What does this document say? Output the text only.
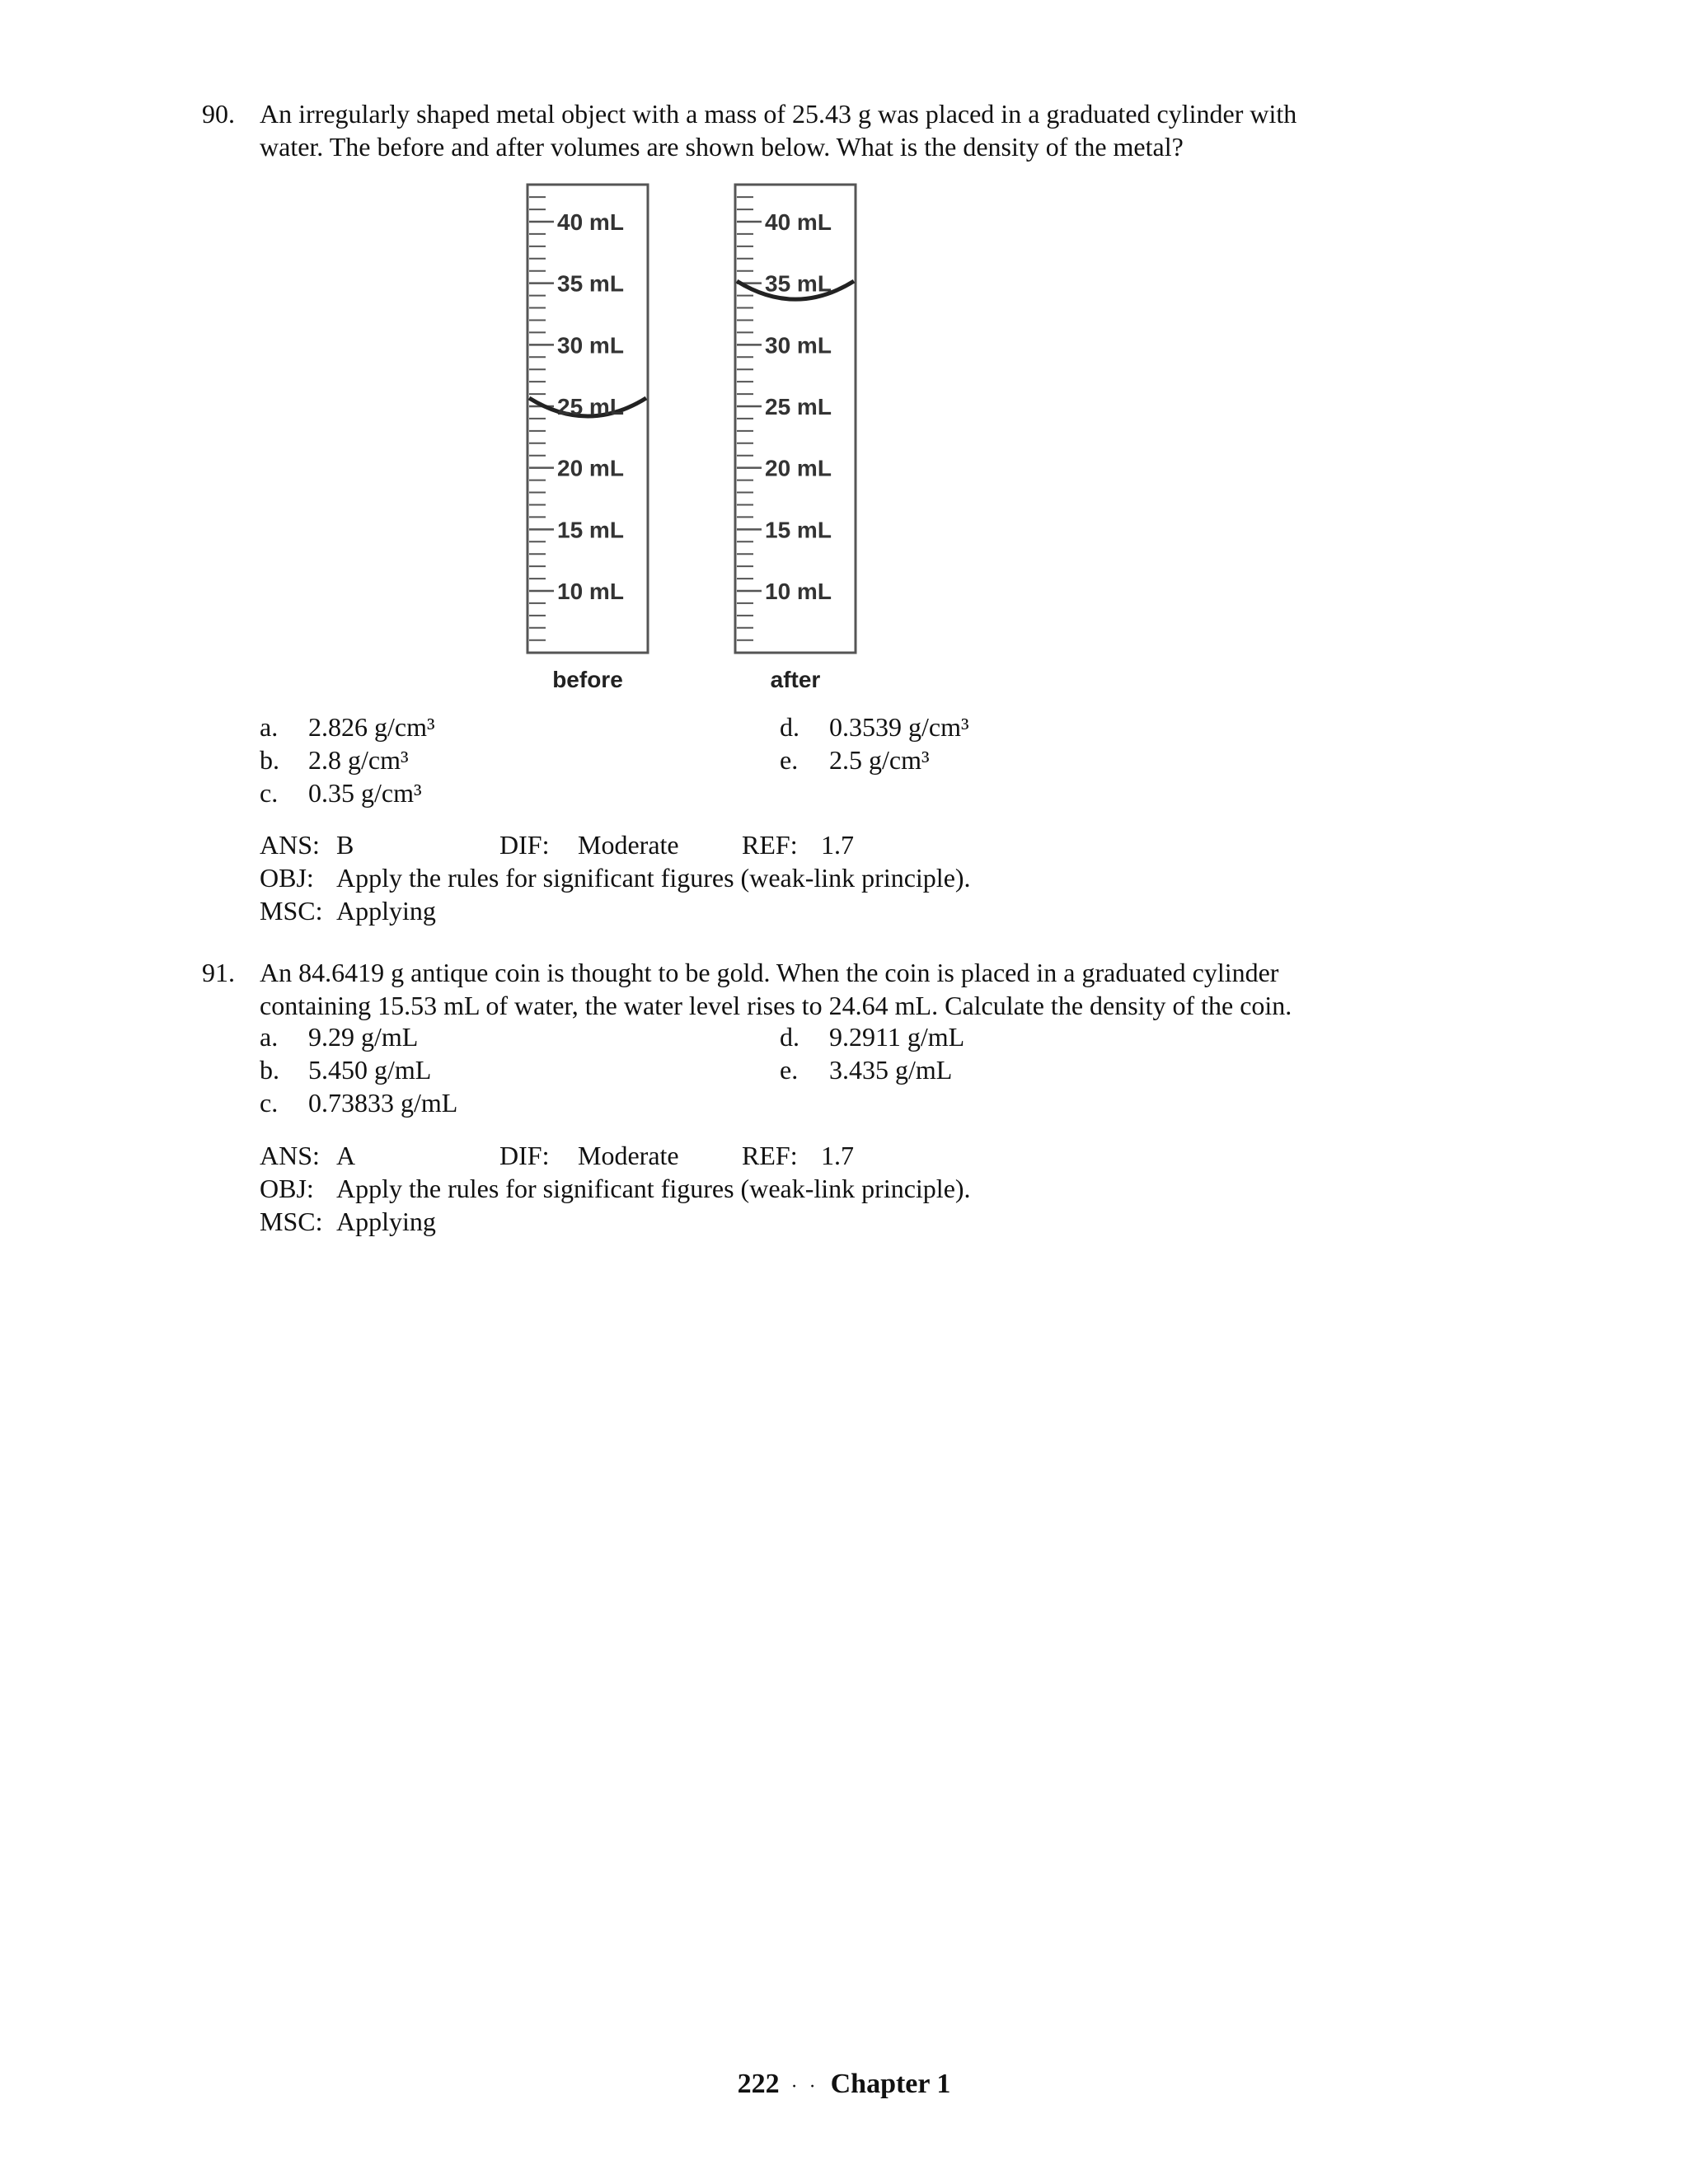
90. An irregularly shaped metal object with a mass of 25.43 g was placed in a graduated cylinder with
water. The before and after volumes are shown below. What is the density of the metal?
40 mL
35 mL
30 mL
25 mL
20 mL
15 mL
10 mL
40 mL
35 mL
30 mL
25 mL
20 mL
15 mL
10 mL
before	after
a. 2.826 g/cm³
b. 2.8 g/cm³
c. 0.35 g/cm³
d. 0.3539 g/cm³
e. 2.5 g/cm³
ANS: B	DIF: Moderate REF: 1.7
OBJ: Apply the rules for significant figures (weak-link principle).
MSC: Applying
91. An 84.6419 g antique coin is thought to be gold. When the coin is placed in a graduated cylinder
containing 15.53 mL of water, the water level rises to 24.64 mL. Calculate the density of the coin.
a. 9.29 g/mL
b. 5.450 g/mL
c. 0.73833 g/mL
d. 9.2911 g/mL
e. 3.435 g/mL
ANS: A	DIF: Moderate REF: 1.7
OBJ: Apply the rules for significant figures (weak-link principle).
MSC: Applying
222 · · Chapter 1
